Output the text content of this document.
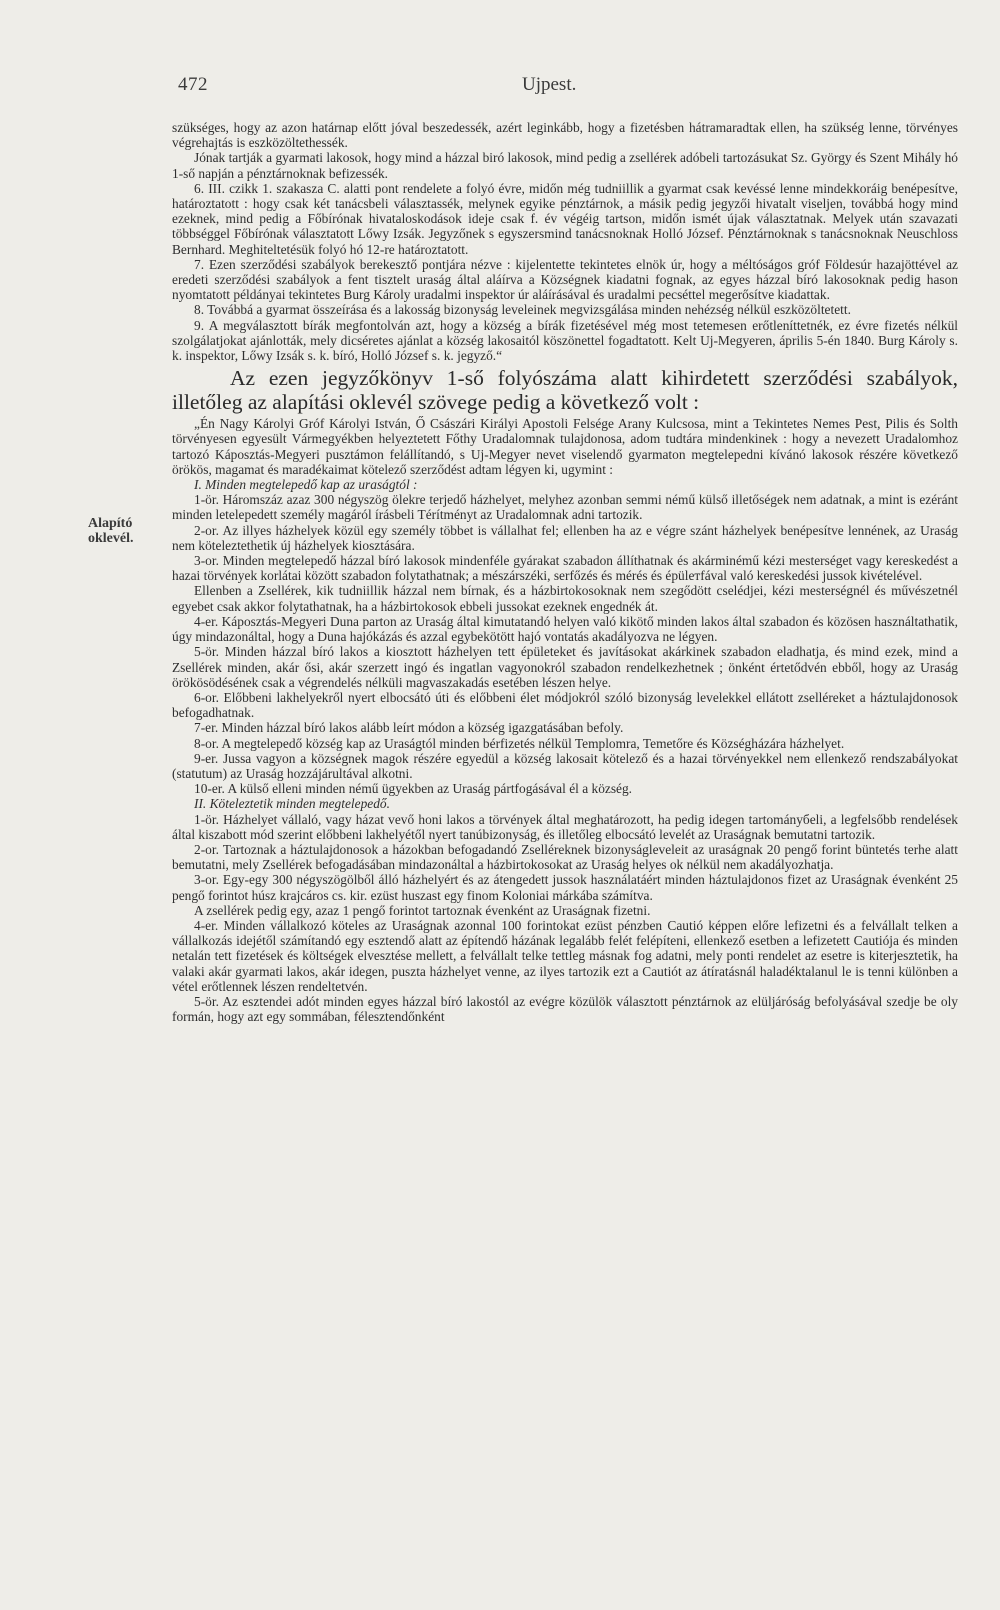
472	Ujpest.
Alapító
oklevél.

szükséges, hogy az azon határnap előtt jóval beszedessék, azért leginkább, hogy a fizetésben hátramaradtak ellen, ha szükség lenne, törvényes végrehajtás is eszközöltethessék.

Jónak tartják a gyarmati lakosok, hogy mind a házzal biró lakosok, mind pedig a zsellérek adóbeli tartozásukat Sz. György és Szent Mihály hó 1-ső napján a pénztárnoknak befizessék.

6. III. czikk 1. szakasza C. alatti pont rendelete a folyó évre, midőn még tudniillik a gyarmat csak kevéssé lenne mindekkoráig benépesítve, határoztatott : hogy csak két tanácsbeli választassék, melynek egyike pénztárnok, a másik pedig jegyzői hivatalt viseljen, továbbá hogy mind ezeknek, mind pedig a Főbírónak hivataloskodások ideje csak f. év végéig tartson, midőn ismét újak választatnak. Melyek után szavazati többséggel Főbírónak választatott Lőwy Izsák. Jegyzőnek s egyszersmind tanácsnoknak Holló József. Pénztárnoknak s tanácsnoknak Neuschloss Bernhard. Meghiteltetésük folyó hó 12-re határoztatott.

7. Ezen szerződési szabályok berekesztő pontjára nézve : kijelentette tekintetes elnök úr, hogy a méltóságos gróf Földesúr hazajöttével az eredeti szerződési szabályok a fent tisztelt uraság által aláírva a Községnek kiadatni fognak, az egyes házzal bíró lakosoknak pedig hason nyomtatott példányai tekintetes Burg Károly uradalmi inspektor úr aláírásával és uradalmi pecséttel megerősítve kiadattak.

8. Továbbá a gyarmat összeírása és a lakosság bizonyság leveleinek megvizsgálása minden nehézség nélkül eszközöltetett.

9. A megválasztott bírák megfontolván azt, hogy a község a bírák fizetésével még most tetemesen erőtleníttetnék, ez évre fizetés nélkül szolgálatjokat ajánlották, mely dicséretes ajánlat a község lakosaitól köszönettel fogadtatott. Kelt Uj-Megyeren, április 5-én 1840. Burg Károly s. k. inspektor, Lőwy Izsák s. k. bíró, Holló József s. k. jegyző.“

Az ezen jegyzőkönyv 1-ső folyószáma alatt kihirdetett szerződési szabályok, illetőleg az alapítási oklevél szövege pedig a következő volt :

„Én Nagy Károlyi Gróf Károlyi István, Ő Császári Királyi Apostoli Felsége Arany Kulcsosa, mint a Tekintetes Nemes Pest, Pilis és Solth törvényesen egyesült Vármegyékben helyeztetett Főthy Uradalomnak tulajdonosa, adom tudtára mindenkinek : hogy a nevezett Uradalomhoz tartozó Káposztás-Megyeri pusztámon felállítandó, s Uj-Megyer nevet viselendő gyarmaton megtelepedni kívánó lakosok részére következő örökös, magamat és maradékaimat kötelező szerződést adtam légyen ki, ugymint :

I. Minden megtelepedő kap az uraságtól :

1-ör. Háromszáz azaz 300 négyszög ölekre terjedő házhelyet, melyhez azonban semmi némű külső illetőségek nem adatnak, a mint is ezéránt minden letelepedett személy magáról írásbeli Térítményt az Uradalomnak adni tartozik.

2-or. Az illyes házhelyek közül egy személy többet is vállalhat fel; ellenben ha az e végre szánt házhelyek benépesítve lennének, az Uraság nem köteleztethetik új házhelyek kiosztására.

3-or. Minden megtelepedő házzal bíró lakosok mindenféle gyárakat szabadon állíthatnak és akárminémű kézi mesterséget vagy kereskedést a hazai törvények korlátai között szabadon folytathatnak; a mészárszéki, serfőzés és mérés és épülетfával való kereskedési jussok kivételével.

Ellenben a Zsellérek, kik tudniillik házzal nem bírnak, és a házbirtokosoknak nem szegődött cselédjei, kézi mesterségnél és művészetnél egyebet csak akkor folytathatnak, ha a házbirtokosok ebbeli jussokat ezeknek engednék át.

4-er. Káposztás-Megyeri Duna parton az Uraság által kimutatandó helyen való kikötő minden lakos által szabadon és közösen használtathatik, úgy mindazonáltal, hogy a Duna hajókázás és azzal egybekötött hajó vontatás akadályozva ne légyen.

5-ör. Minden házzal bíró lakos a kiosztott házhelyen tett épületeket és javításokat akárkinek szabadon eladhatja, és mind ezek, mind a Zsellérek minden, akár ősi, akár szerzett ingó és ingatlan vagyonokról szabadon rendelkezhetnek ; önként értetődvén ebből, hogy az Uraság örökösödésének csak a végrendelés nélküli magvaszakadás esetében lészen helye.

6-or. Előbbeni lakhelyekről nyert elbocsátó úti és előbbeni élet módjokról szóló bizonyság levelekkel ellátott zselléreket a háztulajdonosok befogadhatnak.

7-er. Minden házzal bíró lakos alább leírt módon a község igazgatásában befoly.

8-or. A megtelepedő község kap az Uraságtól minden bérfizetés nélkül Templomra, Temetőre és Községházára házhelyet.

9-er. Jussa vagyon a községnek magok részére egyedül a község lakosait kötelező és a hazai törvényekkel nem ellenkező rendszabályokat (statutum) az Uraság hozzájárultával alkotni.

10-er. A külső elleni minden némű ügyekben az Uraság pártfogásával él a község.

II. Köteleztetik minden megtelepedő.

1-ör. Házhelyet vállaló, vagy házat vevő honi lakos a törvények által meghatározott, ha pedig idegen tartományбeli, a legfelsőbb rendelések által kiszabott mód szerint előbbeni lakhelyétől nyert tanúbizonyság, és illetőleg elbocsátó levelét az Uraságnak bemutatni tartozik.

2-or. Tartoznak a háztulajdonosok a házokban befogadandó Zselléreknek bizonyságleveleit az uraságnak 20 pengő forint büntetés terhe alatt bemutatni, mely Zsellérek befogadásában mindazonáltal a házbirtokosokat az Uraság helyes ok nélkül nem akadályozhatja.

3-or. Egy-egy 300 négyszögölből álló házhelyért és az átengedett jussok használatáért minden háztulajdonos fizet az Uraságnak évenként 25 pengő forintot húsz krajcáros cs. kir. ezüst huszast egy finom Koloniai márkába számítva.

A zsellérek pedig egy, azaz 1 pengő forintot tartoznak évenként az Uraságnak fizetni.

4-er. Minden vállalkozó köteles az Uraságnak azonnal 100 forintokat ezüst pénzben Cautió képpen előre lefizetni és a felvállalt telken a vállalkozás idejétől számítandó egy esztendő alatt az építendő házának legalább felét felépíteni, ellenkező esetben a lefizetett Cautiója és minden netalán tett fizetések és költségek elvesztése mellett, a felvállalt telke tettleg másnak fog adatni, mely ponti rendelet az esetre is kiterjesztetik, ha valaki akár gyarmati lakos, akár idegen, puszta házhelyet venne, az ilyes tartozik ezt a Cautiót az átíratásnál haladéktalanul le is tenni különben a vétel erőtlennek lészen rendeltetvén.

5-ör. Az esztendei adót minden egyes házzal bíró lakostól az evégre közülök választott pénztárnok az elüljáróság befolyásával szedje be oly formán, hogy azt egy sommában, félesztendőnként
